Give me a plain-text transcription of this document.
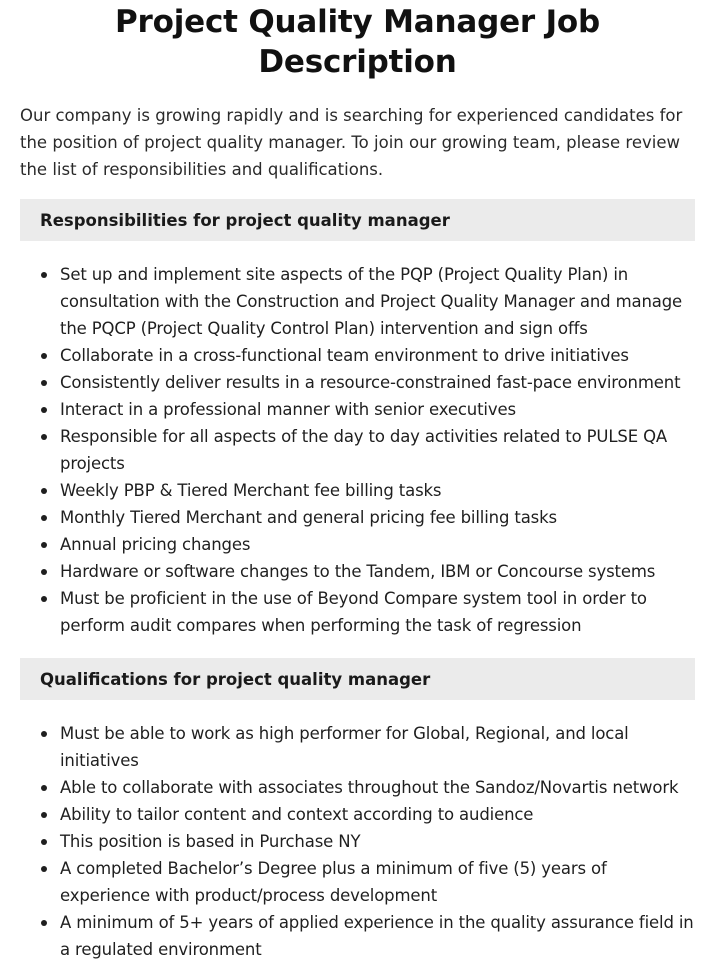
Project Quality Manager Job Description

Our company is growing rapidly and is searching for experienced candidates for the position of project quality manager. To join our growing team, please review the list of responsibilities and qualifications.

Responsibilities for project quality manager
Set up and implement site aspects of the PQP (Project Quality Plan) in consultation with the Construction and Project Quality Manager and manage the PQCP (Project Quality Control Plan) intervention and sign offs
Collaborate in a cross-functional team environment to drive initiatives
Consistently deliver results in a resource-constrained fast-pace environment
Interact in a professional manner with senior executives
Responsible for all aspects of the day to day activities related to PULSE QA projects
Weekly PBP & Tiered Merchant fee billing tasks
Monthly Tiered Merchant and general pricing fee billing tasks
Annual pricing changes
Hardware or software changes to the Tandem, IBM or Concourse systems
Must be proficient in the use of Beyond Compare system tool in order to perform audit compares when performing the task of regression
Qualifications for project quality manager
Must be able to work as high performer for Global, Regional, and local initiatives
Able to collaborate with associates throughout the Sandoz/Novartis network
Ability to tailor content and context according to audience
This position is based in Purchase NY
A completed Bachelor’s Degree plus a minimum of five (5) years of experience with product/process development
A minimum of 5+ years of applied experience in the quality assurance field in a regulated environment
